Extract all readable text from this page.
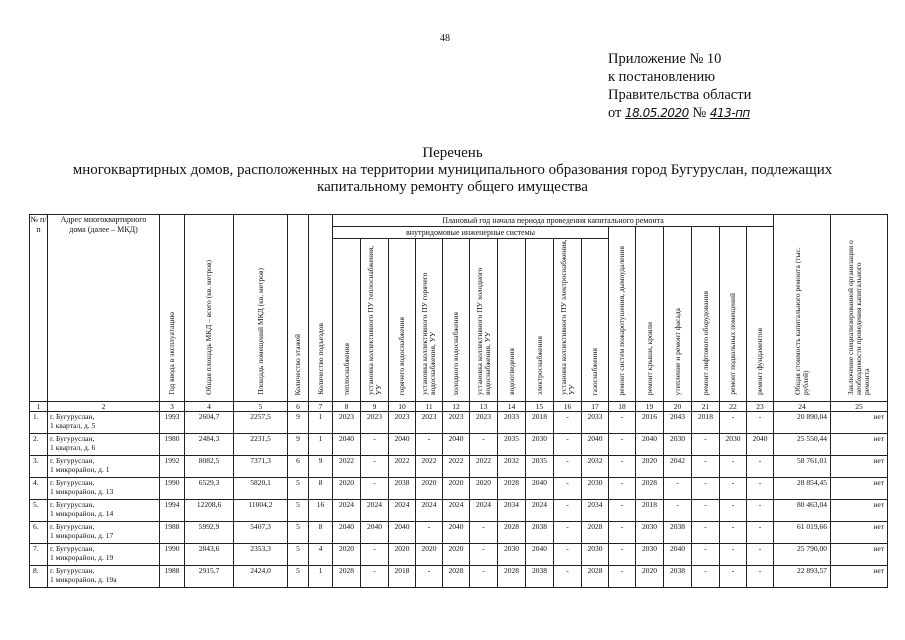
48
Приложение № 10
к постановлению
Правительства области
от 18.05.2020 № 413-пп
Перечень
многоквартирных домов, расположенных на территории муниципального образования город Бугуруслан, подлежащих
капитальному ремонту общего имущества
№ п/п	Адрес многоквартирного дома (далее – МКД)	Год ввода в эксплуатацию	Общая площадь МКД – всего (кв. метров)	Площадь помещений МКД (кв. метров)	Количество этажей	Количество подъездов	Плановый год начала периода проведения капитального ремонта																Общая стоимость капитального ремонта (тыс. рублей)	Заключение специализированной организации о необходимости проведения капитального ремонта

							внутридомовые инженерные системы										ремонт систем пожаротушения, дымоудаления	ремонт крыши, кровли	утепление и ремонт фасада	ремонт лифтового оборудования	ремонт подвальных помещений	ремонт фундаментов		

							теплоснабжения	установка коллективного ПУ теплоснабжения, УУ	горячего водоснабжения	установка коллективного ПУ горячего водоснабжения, УУ	холодного водоснабжения	установка коллективного ПУ холодного водоснабжения, УУ	водоотведения	электроснабжения	установка коллективного ПУ электроснабжения, УУ	газоснабжения								

1	2	3	4	5	6	7	8	9	10	11	12	13	14	15	16	17	18	19	20	21	22	23	24	25
1.	г. Бугуруслан,
1 квартал, д. 5	1993	2604,7	2257,5	9	1	2023	2023	2023	2023	2023	2023	2033	2018	-	2033	-	2016	2043	2018	-	-	20 890,04	нет
2.	г. Бугуруслан,
1 квартал, д. 6	1980	2484,3	2231,5	9	1	2040	-	2040	-	2040	-	2035	2030	-	2040	-	2040	2030	-	2030	2040	25 550,44	нет
3.	г. Бугуруслан,
1 микрорайон, д. 1	1992	8082,5	7371,3	6	9	2022	-	2022	2022	2022	2022	2032	2035	-	2032	-	2020	2042	-	-	-	58 761,01	нет
4.	г. Бугуруслан,
1 микрорайон, д. 13	1990	6529,3	5820,1	5	8	2020	-	2038	2020	2020	2020	2028	2040	-	2030	-	2028	-	-	-	-	28 854,45	нет
5.	г. Бугуруслан,
1 микрорайон, д. 14	1994	12208,6	11004,2	5	16	2024	2024	2024	2024	2024	2024	2034	2024	-	2034	-	2018	-	-	-	-	80 463,04	нет
6.	г. Бугуруслан,
1 микрорайон, д. 17	1988	5992,9	5407,3	5	8	2040	2040	2040	-	2040	-	2028	2038	-	2028	-	2030	2038	-	-	-	61 019,66	нет
7.	г. Бугуруслан,
1 микрорайон, д. 19	1990	2843,6	2353,3	5	4	2020	-	2020	2020	2020	-	2030	2040	-	2030	-	2030	2040	-	-	-	25 790,00	нет
8.	г. Бугуруслан,
1 микрорайон, д. 19а	1988	2915,7	2424,0	5	1	2028	-	2018	-	2028	-	2028	2038	-	2028	-	2020	2038	-	-	-	22 893,57	нет
